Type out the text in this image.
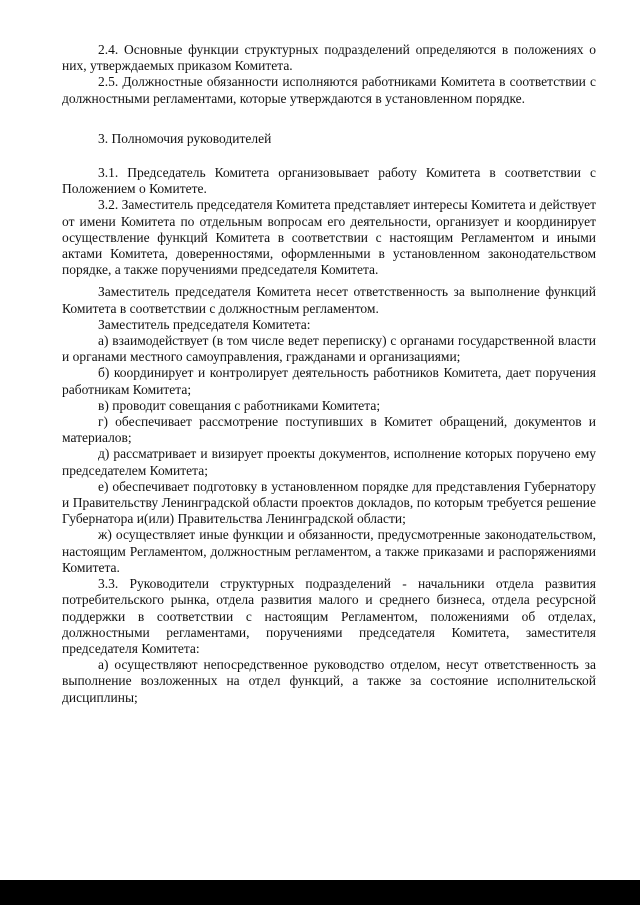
2.4. Основные функции структурных подразделений определяются в положениях о них, утверждаемых приказом Комитета.

2.5. Должностные обязанности исполняются работниками Комитета в соответствии с должностными регламентами, которые утверждаются в установленном порядке.

3. Полномочия руководителей

3.1. Председатель Комитета организовывает работу Комитета в соответствии с Положением о Комитете.

3.2. Заместитель председателя Комитета представляет интересы Комитета и действует от имени Комитета по отдельным вопросам его деятельности, организует и координирует осуществление функций Комитета в соответствии с настоящим Регламентом и иными актами Комитета, доверенностями, оформленными в установленном законодательством порядке, а также поручениями председателя Комитета.

Заместитель председателя Комитета несет ответственность за выполнение функций Комитета в соответствии с должностным регламентом.

Заместитель председателя Комитета:

а) взаимодействует (в том числе ведет переписку) с органами государственной власти и органами местного самоуправления, гражданами и организациями;

б) координирует и контролирует деятельность работников Комитета, дает поручения работникам Комитета;

в) проводит совещания с работниками Комитета;

г) обеспечивает рассмотрение поступивших в Комитет обращений, документов и материалов;

д) рассматривает и визирует проекты документов, исполнение которых поручено ему председателем Комитета;

е) обеспечивает подготовку в установленном порядке для представления Губернатору и Правительству Ленинградской области проектов докладов, по которым требуется решение Губернатора и(или) Правительства Ленинградской области;

ж) осуществляет иные функции и обязанности, предусмотренные законодательством, настоящим Регламентом, должностным регламентом, а также приказами и распоряжениями Комитета.

3.3. Руководители структурных подразделений - начальники отдела развития потребительского рынка, отдела развития малого и среднего бизнеса, отдела ресурсной поддержки в соответствии с настоящим Регламентом, положениями об отделах, должностными регламентами, поручениями председателя Комитета, заместителя председателя Комитета:

а) осуществляют непосредственное руководство отделом, несут ответственность за выполнение возложенных на отдел функций, а также за состояние исполнительской дисциплины;
